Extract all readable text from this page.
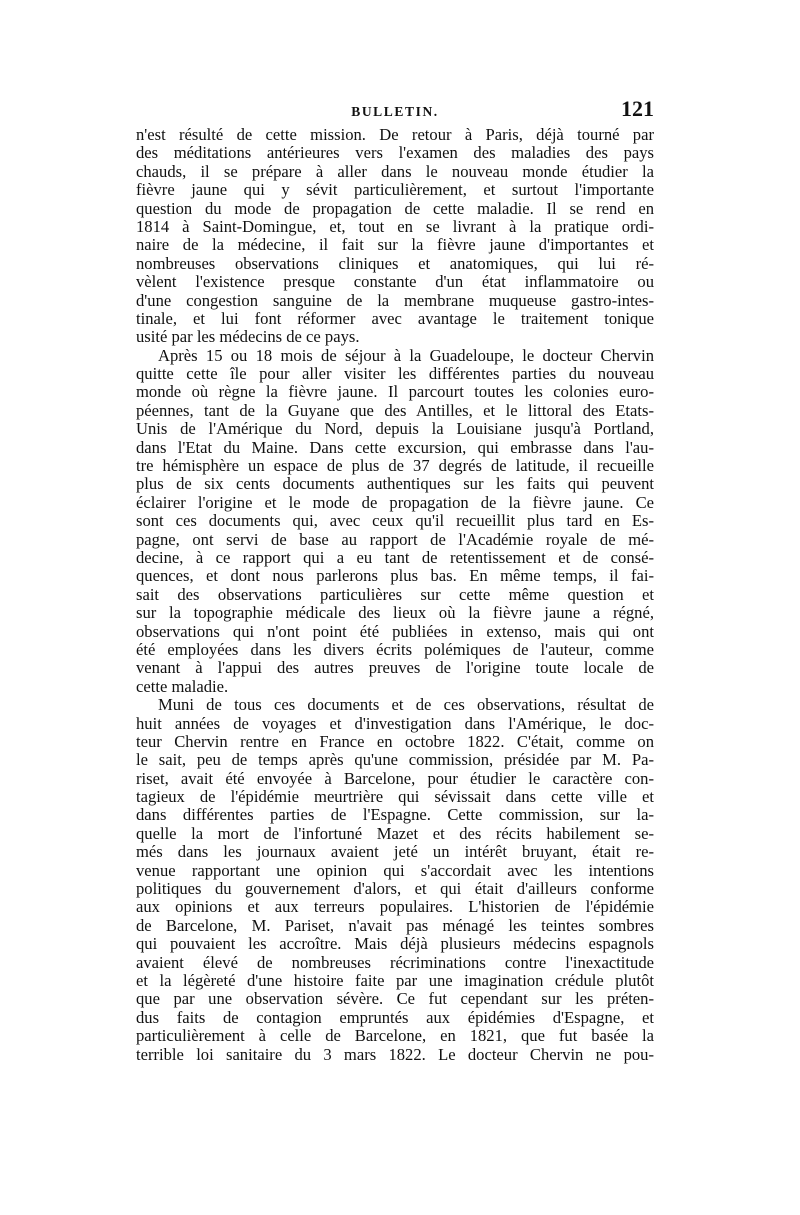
BULLETIN.	121
n'est résulté de cette mission. De retour à Paris, déjà tourné par
des méditations antérieures vers l'examen des maladies des pays
chauds, il se prépare à aller dans le nouveau monde étudier la
fièvre jaune qui y sévit particulièrement, et surtout l'importante
question du mode de propagation de cette maladie. Il se rend en
1814 à Saint-Domingue, et, tout en se livrant à la pratique ordi-
naire de la médecine, il fait sur la fièvre jaune d'importantes et
nombreuses observations cliniques et anatomiques, qui lui ré-
vèlent l'existence presque constante d'un état inflammatoire ou
d'une congestion sanguine de la membrane muqueuse gastro-intes-
tinale, et lui font réformer avec avantage le traitement tonique
usité par les médecins de ce pays.
Après 15 ou 18 mois de séjour à la Guadeloupe, le docteur Chervin
quitte cette île pour aller visiter les différentes parties du nouveau
monde où règne la fièvre jaune. Il parcourt toutes les colonies euro-
péennes, tant de la Guyane que des Antilles, et le littoral des Etats-
Unis de l'Amérique du Nord, depuis la Louisiane jusqu'à Portland,
dans l'Etat du Maine. Dans cette excursion, qui embrasse dans l'au-
tre hémisphère un espace de plus de 37 degrés de latitude, il recueille
plus de six cents documents authentiques sur les faits qui peuvent
éclairer l'origine et le mode de propagation de la fièvre jaune. Ce
sont ces documents qui, avec ceux qu'il recueillit plus tard en Es-
pagne, ont servi de base au rapport de l'Académie royale de mé-
decine, à ce rapport qui a eu tant de retentissement et de consé-
quences, et dont nous parlerons plus bas. En même temps, il fai-
sait des observations particulières sur cette même question et
sur la topographie médicale des lieux où la fièvre jaune a régné,
observations qui n'ont point été publiées in extenso, mais qui ont
été employées dans les divers écrits polémiques de l'auteur, comme
venant à l'appui des autres preuves de l'origine toute locale de
cette maladie.
Muni de tous ces documents et de ces observations, résultat de
huit années de voyages et d'investigation dans l'Amérique, le doc-
teur Chervin rentre en France en octobre 1822. C'était, comme on
le sait, peu de temps après qu'une commission, présidée par M. Pa-
riset, avait été envoyée à Barcelone, pour étudier le caractère con-
tagieux de l'épidémie meurtrière qui sévissait dans cette ville et
dans différentes parties de l'Espagne. Cette commission, sur la-
quelle la mort de l'infortuné Mazet et des récits habilement se-
més dans les journaux avaient jeté un intérêt bruyant, était re-
venue rapportant une opinion qui s'accordait avec les intentions
politiques du gouvernement d'alors, et qui était d'ailleurs conforme
aux opinions et aux terreurs populaires. L'historien de l'épidémie
de Barcelone, M. Pariset, n'avait pas ménagé les teintes sombres
qui pouvaient les accroître. Mais déjà plusieurs médecins espagnols
avaient élevé de nombreuses récriminations contre l'inexactitude
et la légèreté d'une histoire faite par une imagination crédule plutôt
que par une observation sévère. Ce fut cependant sur les préten-
dus faits de contagion empruntés aux épidémies d'Espagne, et
particulièrement à celle de Barcelone, en 1821, que fut basée la
terrible loi sanitaire du 3 mars 1822. Le docteur Chervin ne pou-
